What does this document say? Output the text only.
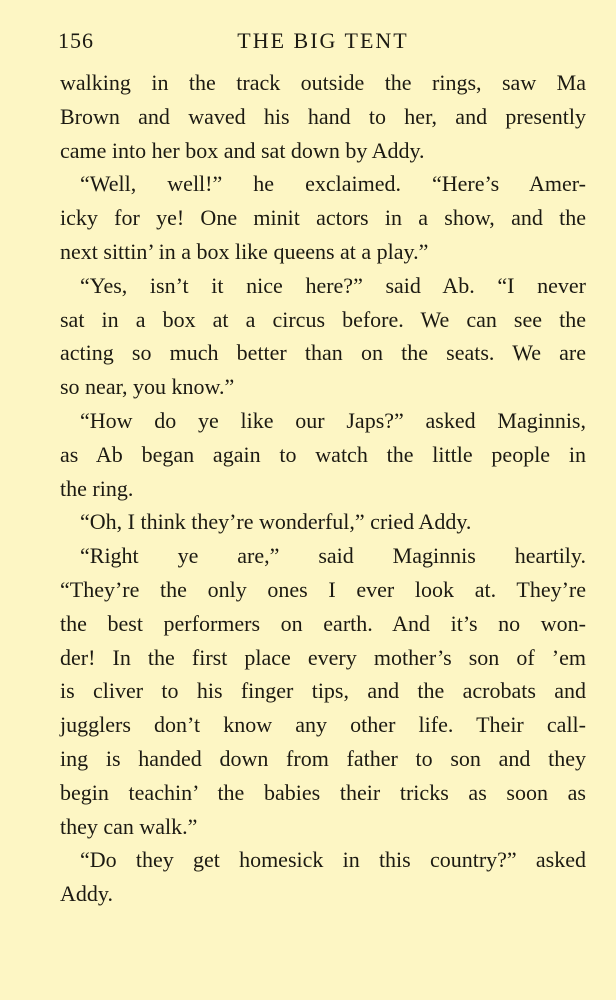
156	THE BIG TENT
walking in the track outside the rings, saw Ma
Brown and waved his hand to her, and presently
came into her box and sat down by Addy.
“Well, well!” he exclaimed. “Here’s Amer-
icky for ye! One minit actors in a show, and the
next sittin’ in a box like queens at a play.”
“Yes, isn’t it nice here?” said Ab. “I never
sat in a box at a circus before. We can see the
acting so much better than on the seats. We are
so near, you know.”
“How do ye like our Japs?” asked Maginnis,
as Ab began again to watch the little people in
the ring.
“Oh, I think they’re wonderful,” cried Addy.
“Right ye are,” said Maginnis heartily.
“They’re the only ones I ever look at. They’re
the best performers on earth. And it’s no won-
der! In the first place every mother’s son of ’em
is cliver to his finger tips, and the acrobats and
jugglers don’t know any other life. Their call-
ing is handed down from father to son and they
begin teachin’ the babies their tricks as soon as
they can walk.”
“Do they get homesick in this country?” asked
Addy.
